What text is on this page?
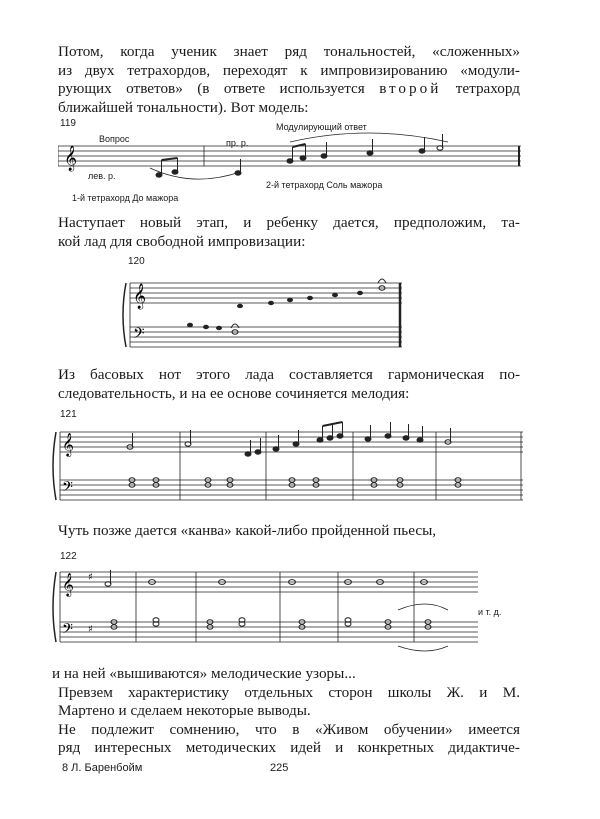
Потом, когда ученик знает ряд тональностей, «сложенных»
из двух тетрахордов, переходят к импровизированию «модули-
рующих ответов» (в ответе используется второй тетрахорд
ближайшей тональности). Вот модель:
119
Вопрос
Модулирующий ответ
пр. р.
лев. р.
1-й тетрахорд До мажора
2-й тетрахорд Соль мажора
𝄞
Наступает новый этап, и ребенку дается, предположим, та-
кой лад для свободной импровизации:
120
𝄞
𝄢
Из басовых нот этого лада составляется гармоническая по-
следовательность, и на ее основе сочиняется мелодия:
121
𝄞
𝄢
Чуть позже дается «канва» какой-либо пройденной пьесы,
122
и т. д.
𝄞
𝄢
♯
♯
и на ней «вышиваются» мелодические узоры...
Превзем характеристику отдельных сторон школы Ж. и М.
Мартено и сделаем некоторые выводы.
Не подлежит сомнению, что в «Живом обучении» имеется
ряд интересных методических идей и конкретных дидактиче-
8 Л. Баренбойм	225
